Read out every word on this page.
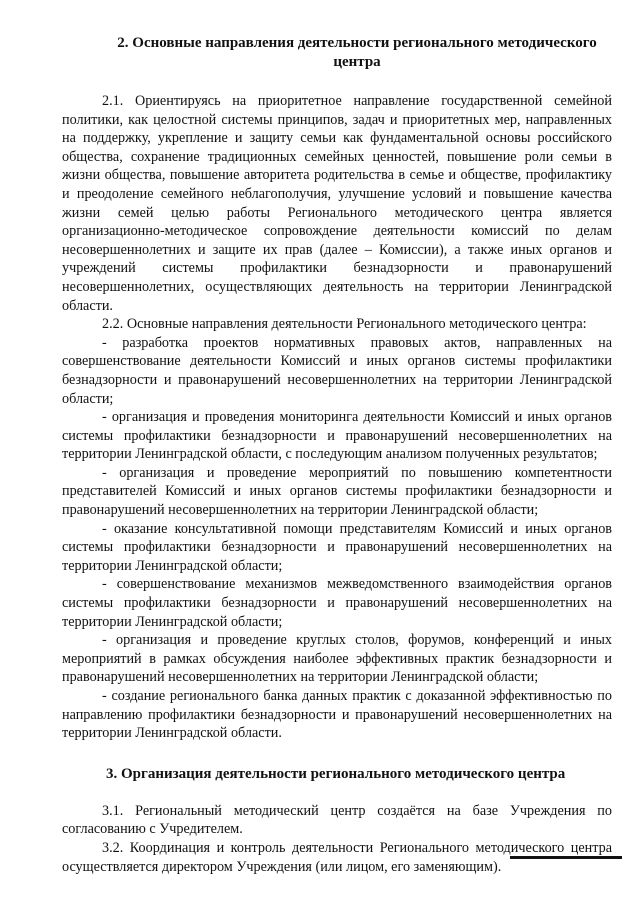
2. Основные направления деятельности регионального методического
центра

2.1. Ориентируясь на приоритетное направление государственной семейной политики, как целостной системы принципов, задач и приоритетных мер, направленных на поддержку, укрепление и защиту семьи как фундаментальной основы российского общества, сохранение традиционных семейных ценностей, повышение роли семьи в жизни общества, повышение авторитета родительства в семье и обществе, профилактику и преодоление семейного неблагополучия, улучшение условий и повышение качества жизни семей целью работы Регионального методического центра является организационно-методическое сопровождение деятельности комиссий по делам несовершеннолетних и защите их прав (далее – Комиссии), а также иных органов и учреждений системы профилактики безнадзорности и правонарушений несовершеннолетних, осуществляющих деятельность на территории Ленинградской области.

2.2. Основные направления деятельности Регионального методического центра:

- разработка проектов нормативных правовых актов, направленных на совершенствование деятельности Комиссий и иных органов системы профилактики безнадзорности и правонарушений несовершеннолетних на территории Ленинградской области;

- организация и проведения мониторинга деятельности Комиссий и иных органов системы профилактики безнадзорности и правонарушений несовершеннолетних на территории Ленинградской области, с последующим анализом полученных результатов;

- организация и проведение мероприятий по повышению компетентности представителей Комиссий и иных органов системы профилактики безнадзорности и правонарушений несовершеннолетних на территории Ленинградской области;

- оказание консультативной помощи представителям Комиссий и иных органов системы профилактики безнадзорности и правонарушений несовершеннолетних на территории Ленинградской области;

- совершенствование механизмов межведомственного взаимодействия органов системы профилактики безнадзорности и правонарушений несовершеннолетних на территории Ленинградской области;

- организация и проведение круглых столов, форумов, конференций и иных мероприятий в рамках обсуждения наиболее эффективных практик безнадзорности и правонарушений несовершеннолетних на территории Ленинградской области;

- создание регионального банка данных практик с доказанной эффективностью по направлению профилактики безнадзорности и правонарушений несовершеннолетних на территории Ленинградской области.

3. Организация деятельности регионального методического центра

3.1. Региональный методический центр создаётся на базе Учреждения по согласованию с Учредителем.

3.2. Координация и контроль деятельности Регионального методического центра осуществляется директором Учреждения (или лицом, его заменяющим).
